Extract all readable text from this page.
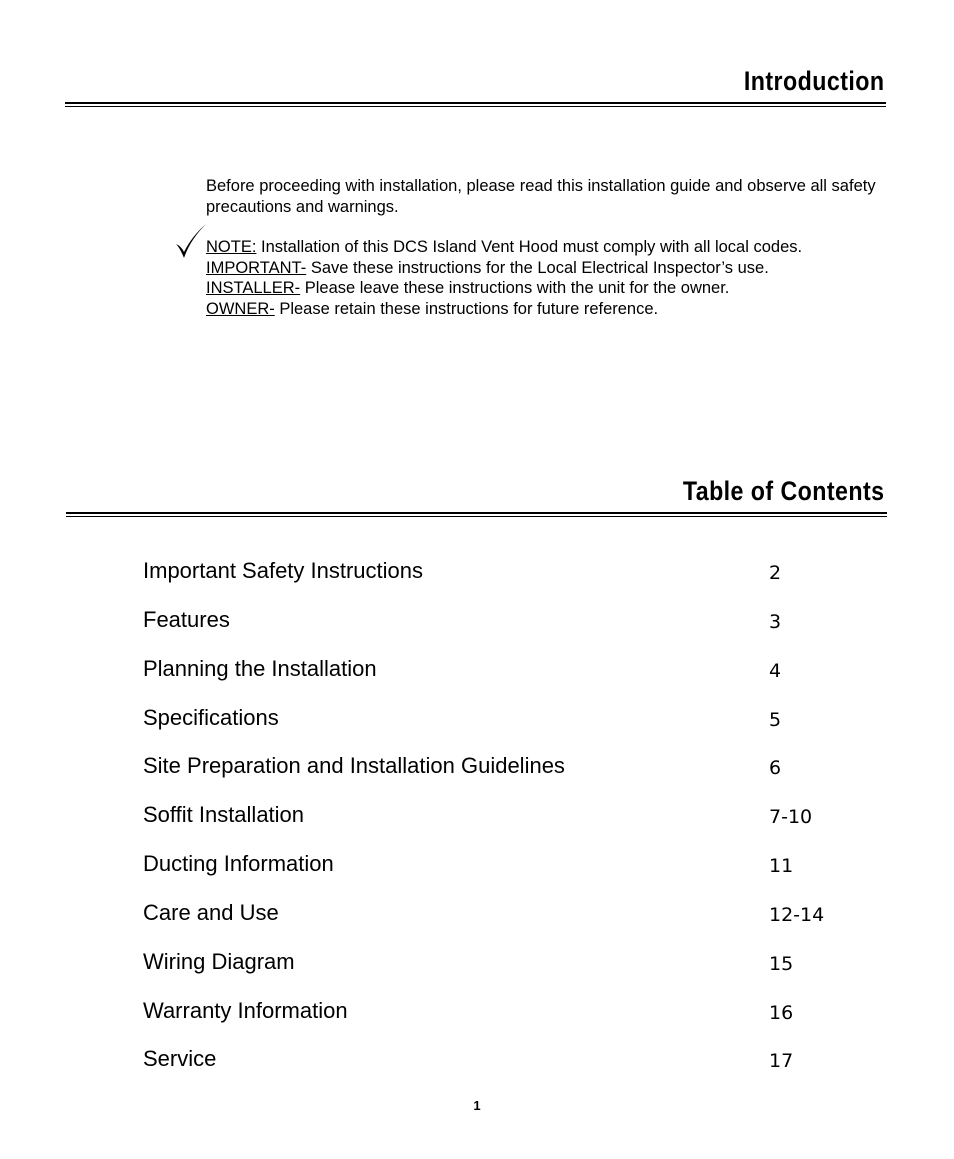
Introduction

Before proceeding with installation, please read this installation guide and observe all safety precautions and warnings.

NOTE: Installation of this DCS Island Vent Hood must comply with all local codes.

IMPORTANT- Save these instructions for the Local Electrical Inspector’s use.

INSTALLER- Please leave these instructions with the unit for the owner.

OWNER- Please retain these instructions for future reference.

Table of Contents
Important Safety Instructions	2
Features	3
Planning the Installation	4
Specifications	5
Site Preparation and Installation Guidelines	6
Soffit Installation	7-10
Ducting Information	11
Care and Use	12-14
Wiring Diagram	15
Warranty Information	16
Service	17
1
